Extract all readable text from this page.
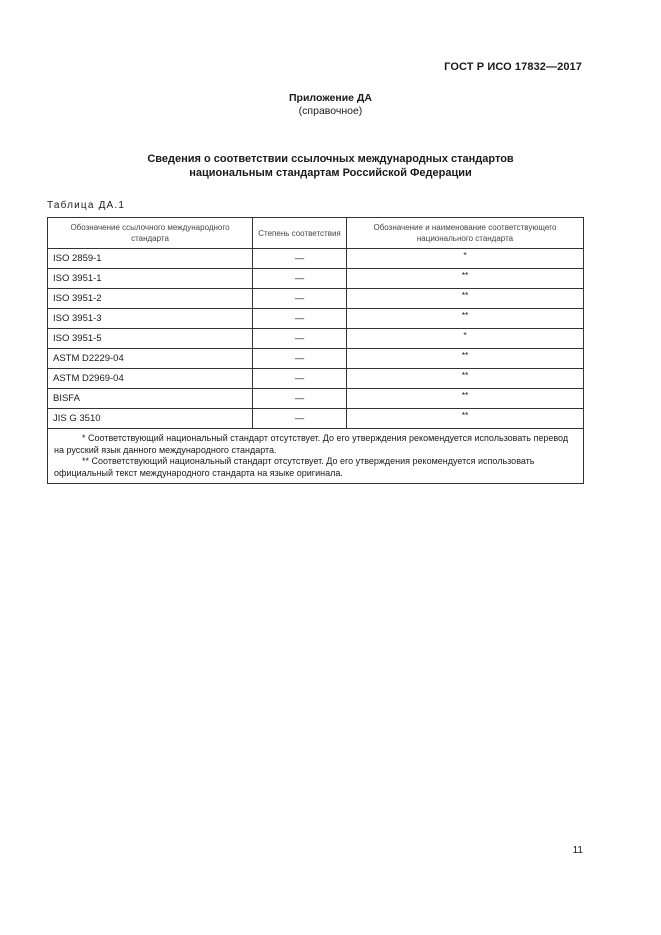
ГОСТ Р ИСО 17832—2017
Приложение ДА
(справочное)
Сведения о соответствии ссылочных международных стандартов
национальным стандартам Российской Федерации
Таблица ДА.1
Обозначение ссылочного международного стандарта	Степень соответствия	Обозначение и наименование соответствующего национального стандарта
ISO 2859-1	—	*
ISO 3951-1	—	**
ISO 3951-2	—	**
ISO 3951-3	—	**
ISO 3951-5	—	*
ASTM D2229-04	—	**
ASTM D2969-04	—	**
BISFA	—	**
JIS G 3510	—	**

* Соответствующий национальный стандарт отсутствует. До его утверждения рекомендуется использовать перевод на русский язык данного международного стандарта.

** Соответствующий национальный стандарт отсутствует. До его утверждения рекомендуется использовать официальный текст международного стандарта на языке оригинала.		

11
